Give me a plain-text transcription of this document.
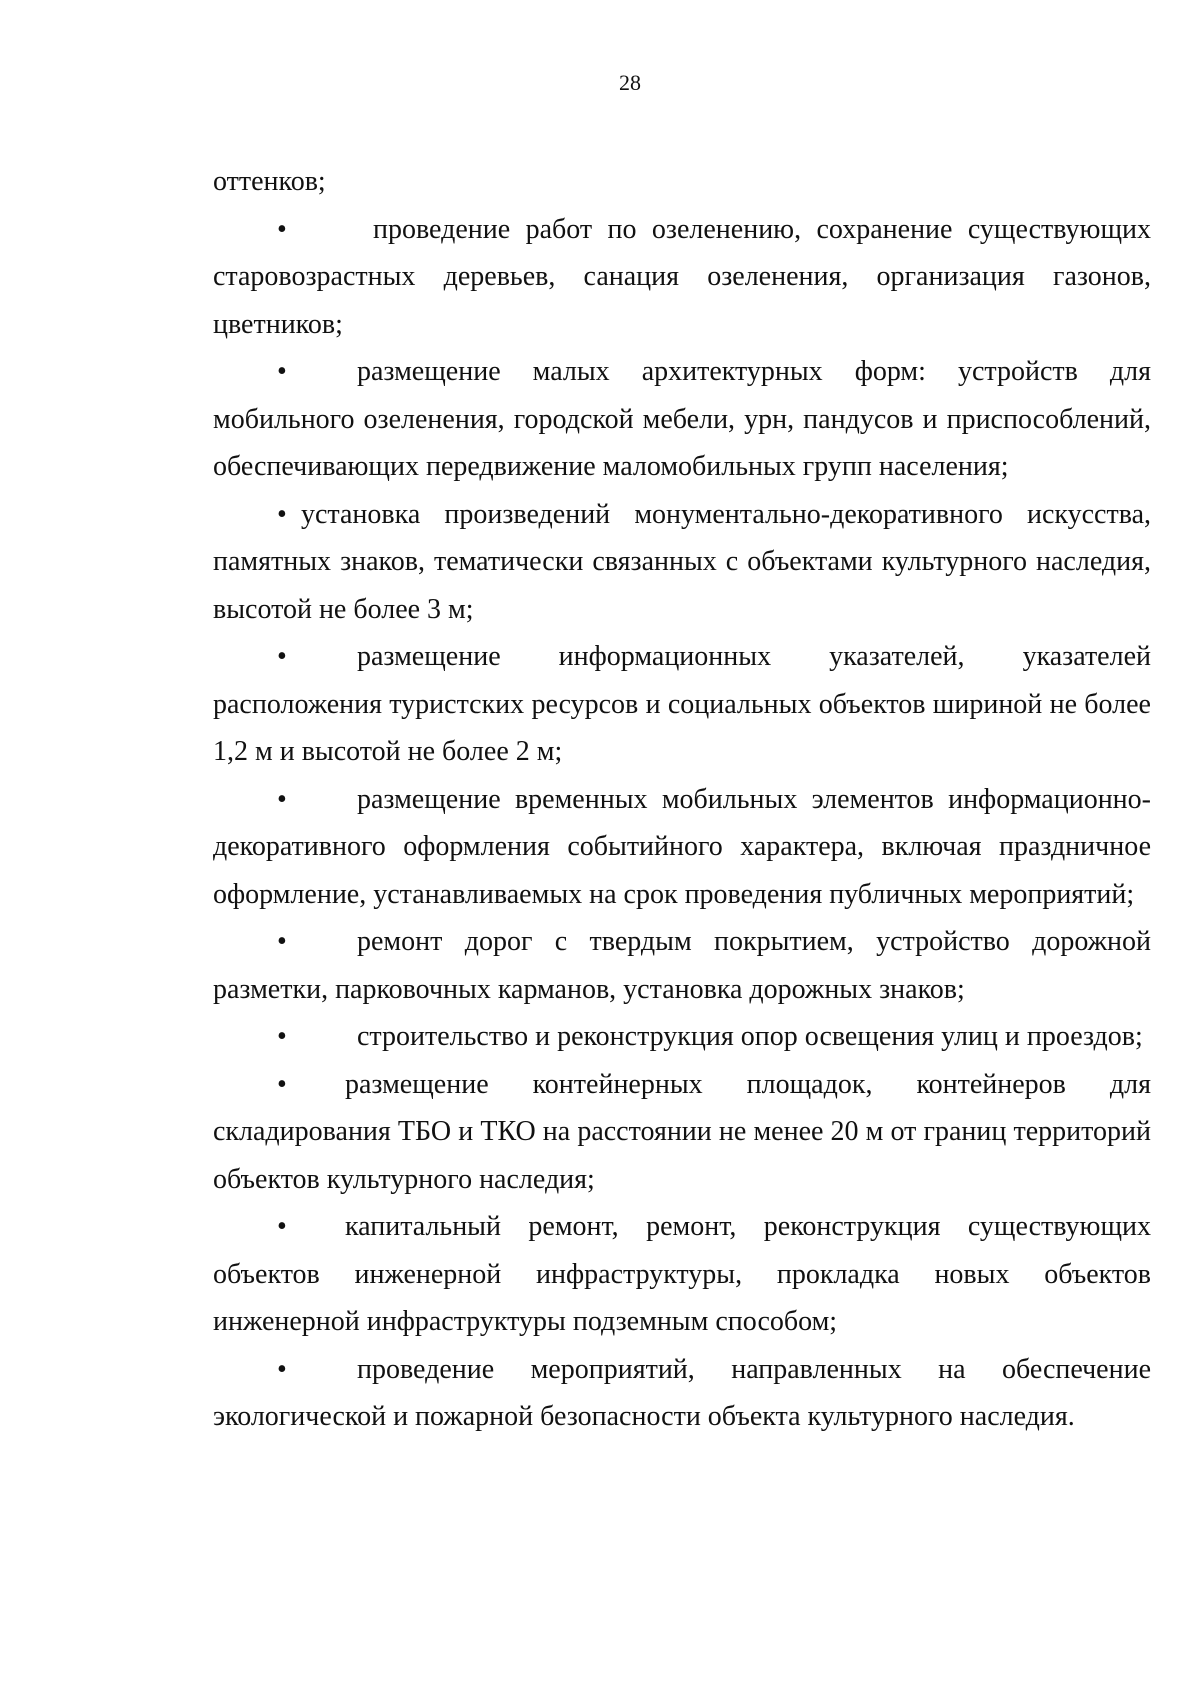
28

оттенков;

•	проведение работ по озеленению, сохранение существующих старовозрастных деревьев, санация озеленения, организация газонов, цветников;

•	размещение малых архитектурных форм: устройств для мобильного озеленения, городской мебели, урн, пандусов и приспособлений, обеспечивающих передвижение маломобильных групп населения;

• установка произведений монументально-декоративного искусства, памятных знаков, тематически связанных с объектами культурного наследия, высотой не более 3 м;

•	размещение информационных указателей, указателей расположения туристских ресурсов и социальных объектов шириной не более 1,2 м и высотой не более 2 м;

•	размещение временных мобильных элементов информационно-декоративного оформления событийного характера, включая праздничное оформление, устанавливаемых на срок проведения публичных мероприятий;

•	ремонт дорог с твердым покрытием, устройство дорожной разметки, парковочных карманов, установка дорожных знаков;

•	строительство и реконструкция опор освещения улиц и проездов;

• размещение контейнерных площадок, контейнеров для складирования ТБО и ТКО на расстоянии не менее 20 м от границ территорий объектов культурного наследия;

• капитальный ремонт, ремонт, реконструкция существующих объектов инженерной инфраструктуры, прокладка новых объектов инженерной инфраструктуры подземным способом;

•	проведение мероприятий, направленных на обеспечение экологической и пожарной безопасности объекта культурного наследия.
